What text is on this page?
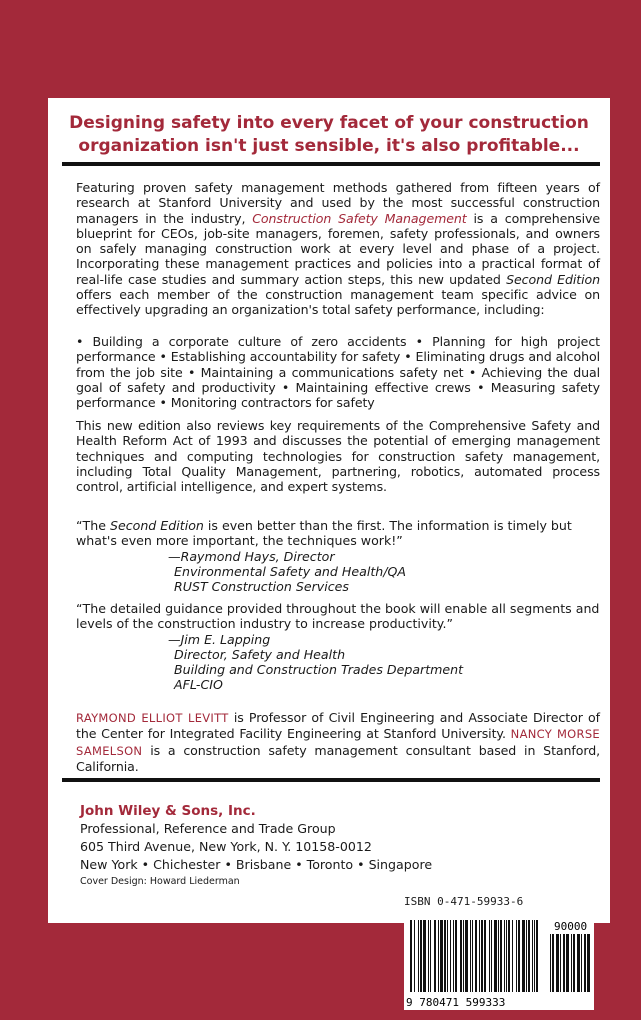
Designing safety into every facet of your construction
organization isn't just sensible, it's also profitable...
Featuring proven safety management methods gathered from fifteen years of research at Stanford University and used by the most successful construction managers in the industry, Construction Safety Management is a comprehensive blueprint for CEOs, job-site managers, foremen, safety professionals, and owners on safely managing construction work at every level and phase of a project. Incorporating these management practices and policies into a practical format of real-life case studies and summary action steps, this new updated Second Edition offers each member of the construction management team specific advice on effectively upgrading an organization's total safety performance, including:
• Building a corporate culture of zero accidents • Planning for high project performance • Establishing accountability for safety • Eliminating drugs and alcohol from the job site • Maintaining a communications safety net • Achieving the dual goal of safety and productivity • Maintaining effective crews • Measuring safety performance • Monitoring contractors for safety
This new edition also reviews key requirements of the Comprehensive Safety and Health Reform Act of 1993 and discusses the potential of emerging management techniques and computing technologies for construction safety management, including Total Quality Management, partnering, robotics, automated process control, artificial intelligence, and expert systems.
“The Second Edition is even better than the first. The information is timely but what's even more important, the techniques work!”
—Raymond Hays, Director
Environmental Safety and Health/QA
RUST Construction Services
“The detailed guidance provided throughout the book will enable all segments and levels of the construction industry to increase productivity.”
—Jim E. Lapping
Director, Safety and Health
Building and Construction Trades Department
AFL-CIO
RAYMOND ELLIOT LEVITT is Professor of Civil Engineering and Associate Director of the Center for Integrated Facility Engineering at Stanford University. NANCY MORSE SAMELSON is a construction safety management consultant based in Stanford, California.
John Wiley & Sons, Inc.
Professional, Reference and Trade Group
605 Third Avenue, New York, N. Y. 10158-0012
New York • Chichester • Brisbane • Toronto • Singapore
Cover Design: Howard Liederman
ISBN 0-471-59933-6
90000
9 780471 599333
